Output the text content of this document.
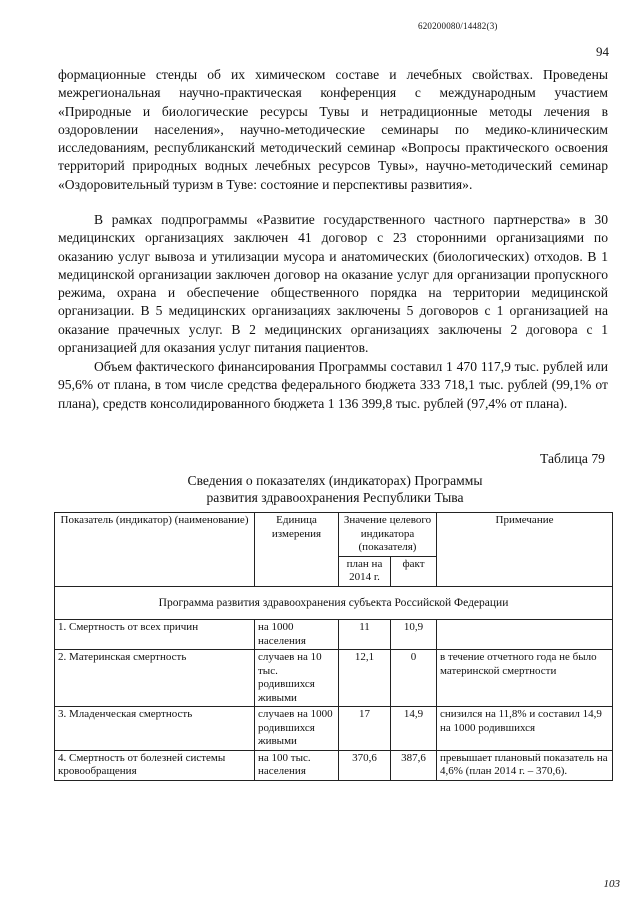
620200080/14482(3)
94

формационные стенды об их химическом составе и лечебных свойствах. Проведены межрегиональная научно-практическая конференция с международным участием «Природные и биологические ресурсы Тувы и нетрадиционные методы лечения в оздоровлении населения», научно-методические семинары по медико-клиническим исследованиям, республиканский методический семинар «Вопросы практического освоения территорий природных водных лечебных ресурсов Тувы», научно-методический семинар «Оздоровительный туризм в Туве: состояние и перспективы развития».

В рамках подпрограммы «Развитие государственного частного партнерства» в 30 медицинских организациях заключен 41 договор с 23 сторонними организациями по оказанию услуг вывоза и утилизации мусора и анатомических (биологических) отходов. В 1 медицинской организации заключен договор на оказание услуг для организации пропускного режима, охрана и обеспечение общественного порядка на территории медицинской организации. В 5 медицинских организациях заключены 5 договоров с 1 организацией на оказание прачечных услуг. В 2 медицинских организациях заключены 2 договора с 1 организацией для оказания услуг питания пациентов.

Объем фактического финансирования Программы составил 1 470 117,9 тыс. рублей или 95,6% от плана, в том числе средства федерального бюджета 333 718,1 тыс. рублей (99,1% от плана), средств консолидированного бюджета 1 136 399,8 тыс. рублей (97,4% от плана).

Таблица 79
Сведения о показателях (индикаторах) Программы
развития здравоохранения Республики Тыва
Показатель (индикатор) (наименование)	Единица измерения	Значение целевого индикатора (показателя)		Примечание
		план на 2014 г.	факт	
Программа развития здравоохранения субъекта Российской Федерации				
1. Смертность от всех причин	на 1000 населения	11	10,9	
2. Материнская смертность	случаев на 10 тыс. родившихся живыми	12,1	0	в течение отчетного года не было материнской смертности
3. Младенческая смертность	случаев на 1000 родившихся живыми	17	14,9	снизился на 11,8% и составил 14,9 на 1000 родившихся
4. Смертность от болезней системы кровообращения	на 100 тыс. населения	370,6	387,6	превышает плановый показатель на 4,6% (план 2014 г. – 370,6).
103
